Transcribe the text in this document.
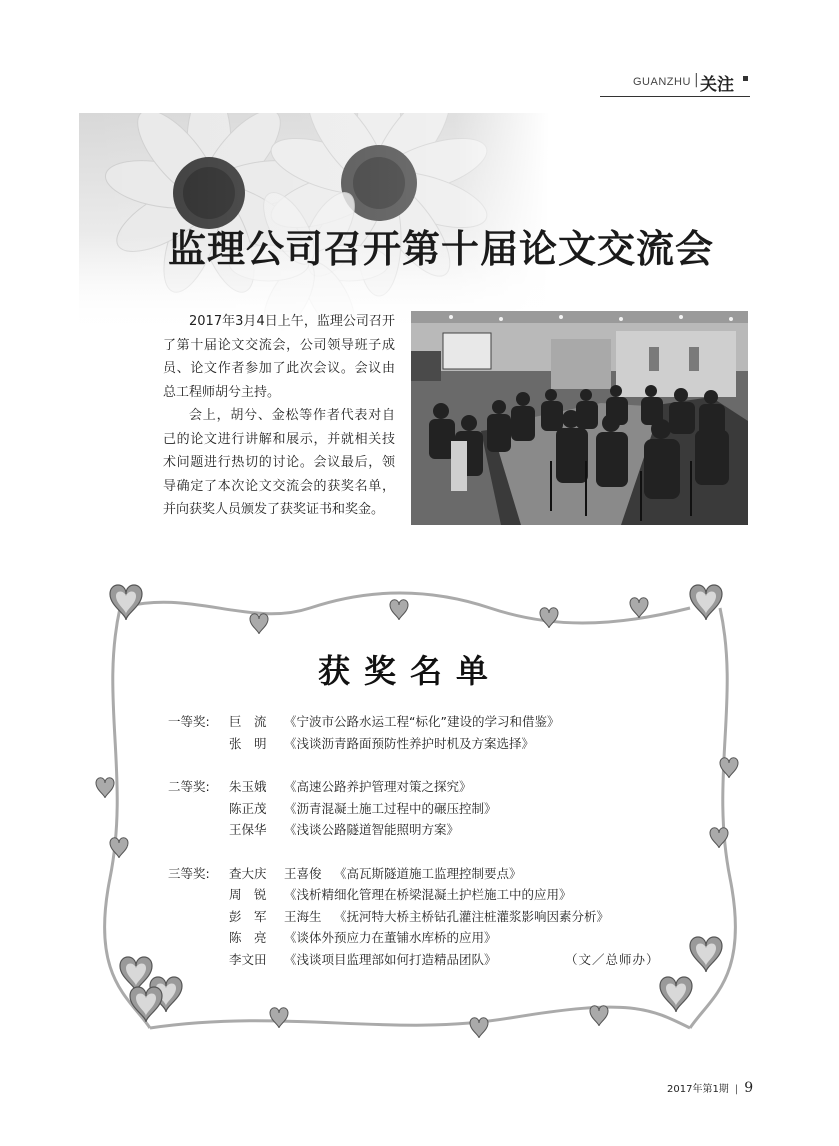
GUANZHU | 关注
监理公司召开第十届论文交流会

2017年3月4日上午，监理公司召开了第十届论文交流会，公司领导班子成员、论文作者参加了此次会议。会议由总工程师胡兮主持。

会上，胡兮、金松等作者代表对自己的论文进行讲解和展示，并就相关技术问题进行热切的讨论。会议最后，领导确定了本次论文交流会的获奖名单，并向获奖人员颁发了获奖证书和奖金。

获奖名单
一等奖:	巨　流 《宁波市公路水运工程“标化”建设的学习和借鉴》
张　明 《浅谈沥青路面预防性养护时机及方案选择》
二等奖:	朱玉娥 《高速公路养护管理对策之探究》
陈正茂 《沥青混凝土施工过程中的碾压控制》
王保华 《浅谈公路隧道智能照明方案》
三等奖:	查大庆 王喜俊 《高瓦斯隧道施工监理控制要点》
周　锐 《浅析精细化管理在桥梁混凝土护栏施工中的应用》
彭　军 王海生 《抚河特大桥主桥钻孔灌注桩灌浆影响因素分析》
陈　亮 《谈体外预应力在董铺水库桥的应用》
李文田 《浅谈项目监理部如何打造精品团队》	（文／总师办）
2017年第1期 | 9
